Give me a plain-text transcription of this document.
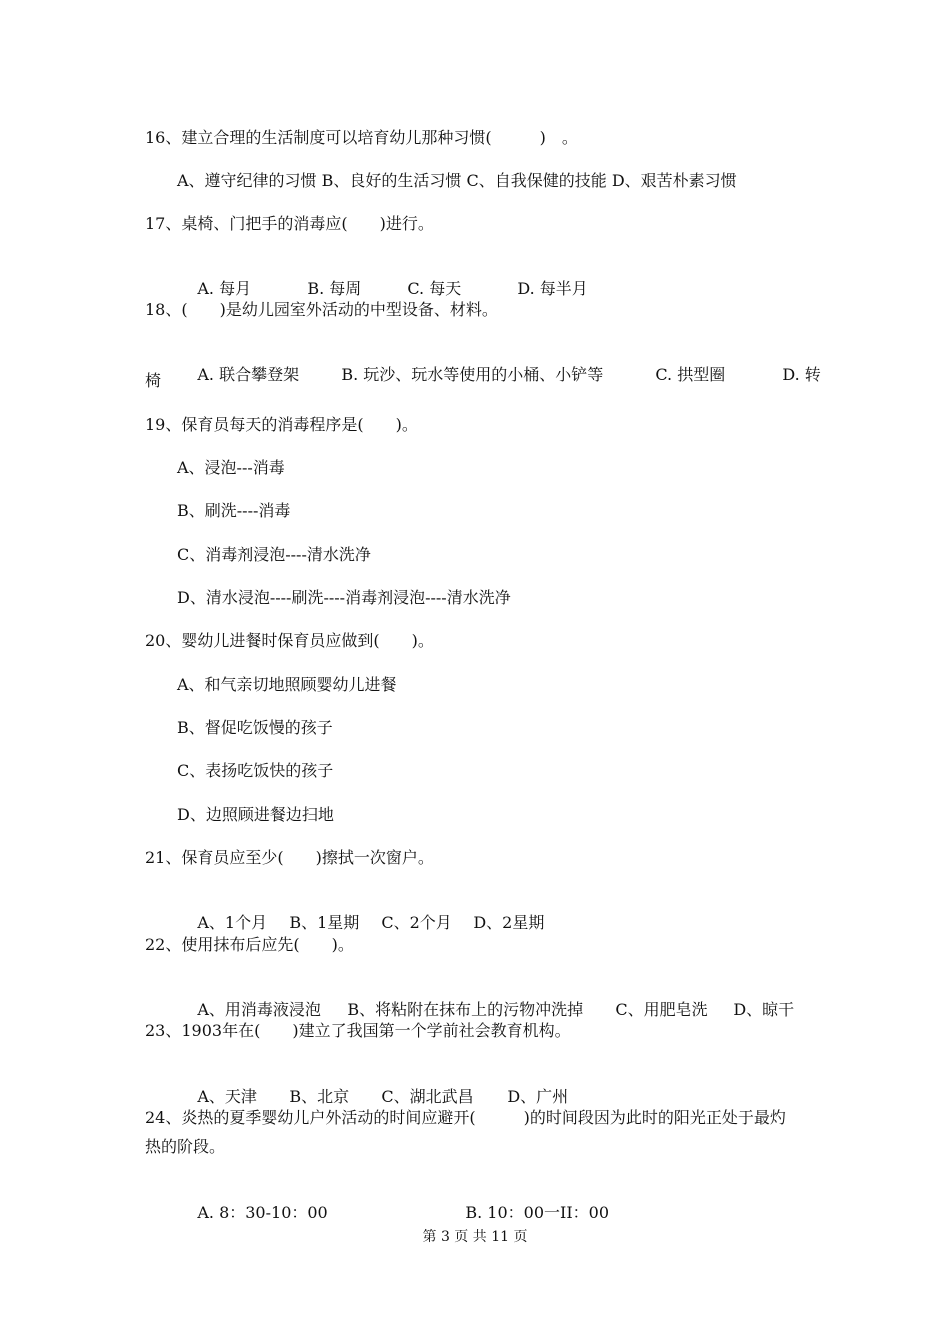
16、建立合理的生活制度可以培育幼儿那种习惯(　　　)　。
A、遵守纪律的习惯 B、良好的生活习惯 C、自我保健的技能 D、艰苦朴素习惯
17、桌椅、门把手的消毒应(　　)进行。

A. 每月	B. 每周	C. 每天	D. 每半月

18、(　　)是幼儿园室外活动的中型设备、材料。

A. 联合攀登架	B. 玩沙、玩水等使用的小桶、小铲等	C. 拱型圈	D. 转

椅
19、保育员每天的消毒程序是(　　)。
A、浸泡---消毒
B、刷洗----消毒
C、消毒剂浸泡----清水洗净
D、清水浸泡----刷洗----消毒剂浸泡----清水洗净
20、婴幼儿进餐时保育员应做到(　　)。
A、和气亲切地照顾婴幼儿进餐
B、督促吃饭慢的孩子
C、表扬吃饭快的孩子
D、边照顾进餐边扫地
21、保育员应至少(　　)擦拭一次窗户。

A、1个月 B、1星期 C、2个月 D、2星期

22、使用抹布后应先(　　)。

A、用消毒液浸泡 B、将粘附在抹布上的污物冲洗掉 C、用肥皂洗 D、晾干

23、1903年在(　　)建立了我国第一个学前社会教育机构。

A、天津 B、北京 C、湖北武昌 D、广州

24、炎热的夏季婴幼儿户外活动的时间应避开(　　　)的时间段因为此时的阳光正处于最灼
热的阶段。

A. 8：30-10：00	B. 10：00一II：00

第 3 页 共 11 页
